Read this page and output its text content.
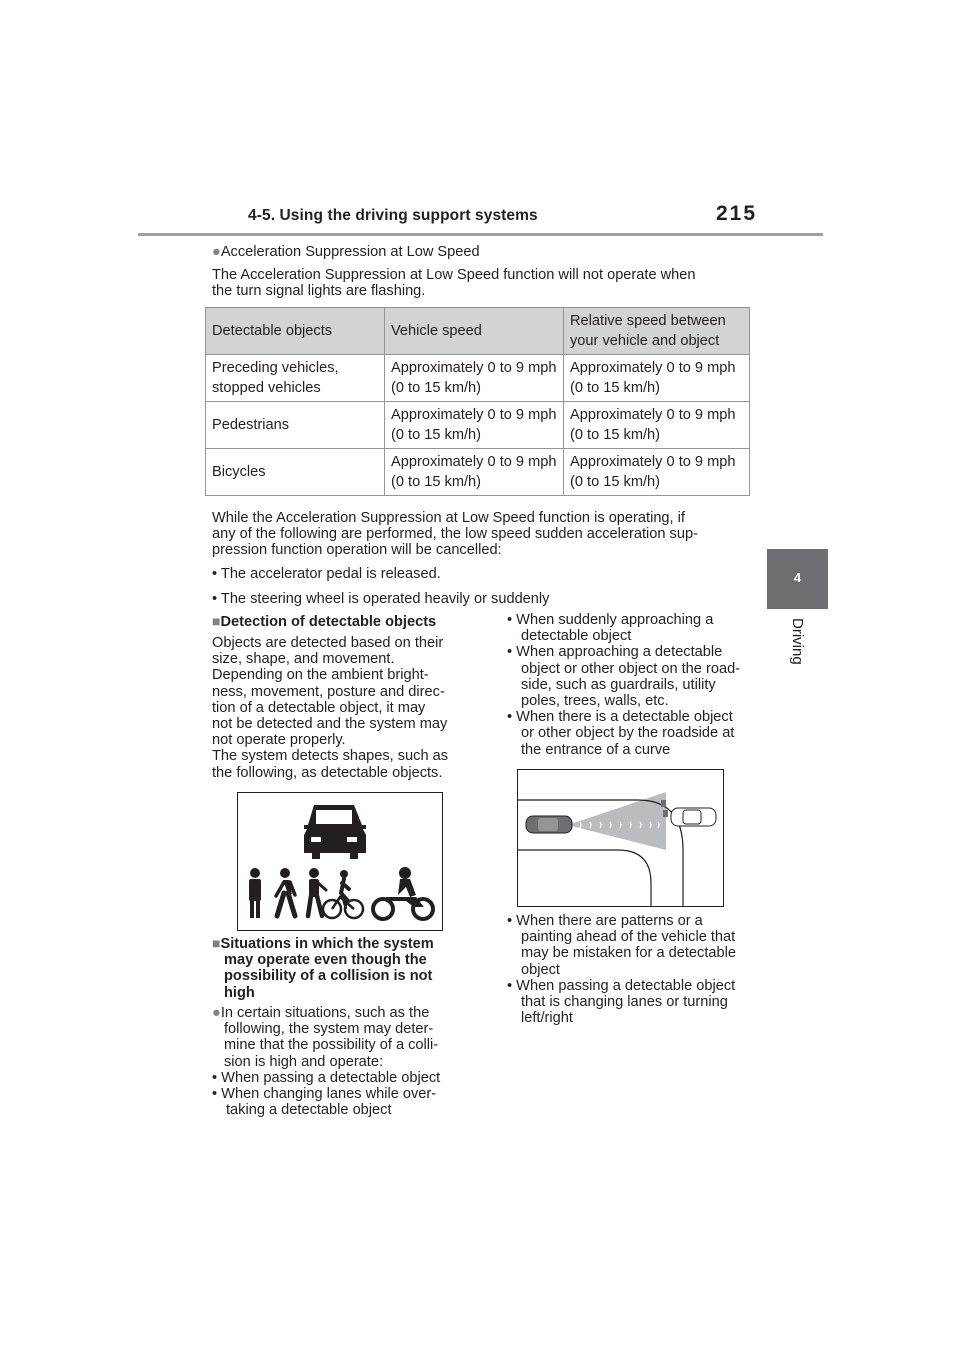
4-5. Using the driving support systems	215
4
Driving
●Acceleration Suppression at Low Speed
The Acceleration Suppression at Low Speed function will not operate when
the turn signal lights are flashing.
Detectable objects	Vehicle speed	Relative speed between your vehicle and object
Preceding vehicles, stopped vehicles	Approximately 0 to 9 mph (0 to 15 km/h)	Approximately 0 to 9 mph (0 to 15 km/h)
Pedestrians	Approximately 0 to 9 mph (0 to 15 km/h)	Approximately 0 to 9 mph (0 to 15 km/h)
Bicycles	Approximately 0 to 9 mph (0 to 15 km/h)	Approximately 0 to 9 mph (0 to 15 km/h)
While the Acceleration Suppression at Low Speed function is operating, if
any of the following are performed, the low speed sudden acceleration sup-
pression function operation will be cancelled:
• The accelerator pedal is released.
• The steering wheel is operated heavily or suddenly
■Detection of detectable objects
Objects are detected based on their
size, shape, and movement.
Depending on the ambient bright-
ness, movement, posture and direc-
tion of a detectable object, it may
not be detected and the system may
not operate properly.
The system detects shapes, such as
the following, as detectable objects.
■Situations in which the system
may operate even though the
possibility of a collision is not
high
●In certain situations, such as the
following, the system may deter-
mine that the possibility of a colli-
sion is high and operate:
• When passing a detectable object
• When changing lanes while over-
taking a detectable object
• When suddenly approaching a
detectable object
• When approaching a detectable
object or other object on the road-
side, such as guardrails, utility
poles, trees, walls, etc.
• When there is a detectable object
or other object by the roadside at
the entrance of a curve
• When there are patterns or a
painting ahead of the vehicle that
may be mistaken for a detectable
object
• When passing a detectable object
that is changing lanes or turning
left/right
